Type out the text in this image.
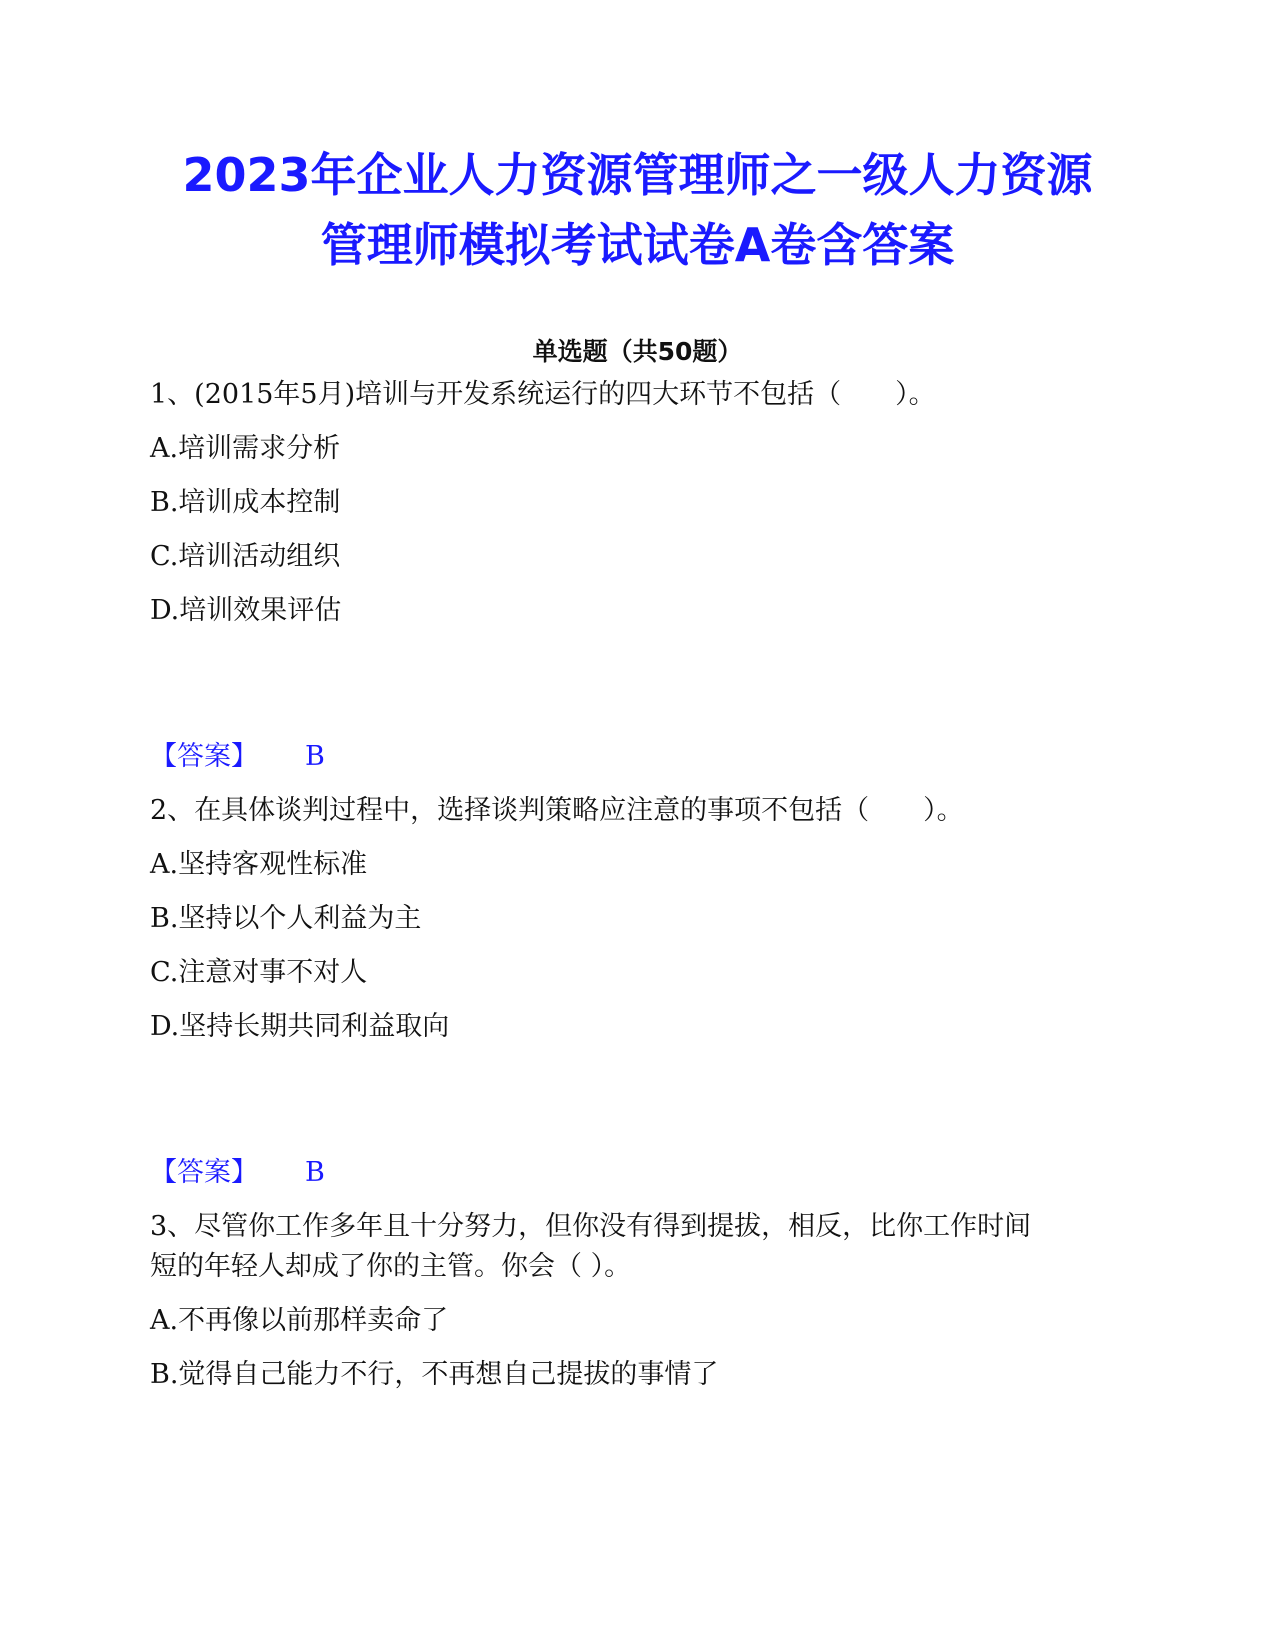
2023年企业人力资源管理师之一级人力资源
管理师模拟考试试卷A卷含答案
单选题（共50题）
1、(2015年5月)培训与开发系统运行的四大环节不包括（　　）。
A.培训需求分析
B.培训成本控制
C.培训活动组织
D.培训效果评估
【答案】 B
2、在具体谈判过程中，选择谈判策略应注意的事项不包括（　　）。
A.坚持客观性标准
B.坚持以个人利益为主
C.注意对事不对人
D.坚持长期共同利益取向
【答案】 B
3、尽管你工作多年且十分努力，但你没有得到提拔，相反，比你工作时间
短的年轻人却成了你的主管。你会（ ）。
A.不再像以前那样卖命了
B.觉得自己能力不行，不再想自己提拔的事情了
